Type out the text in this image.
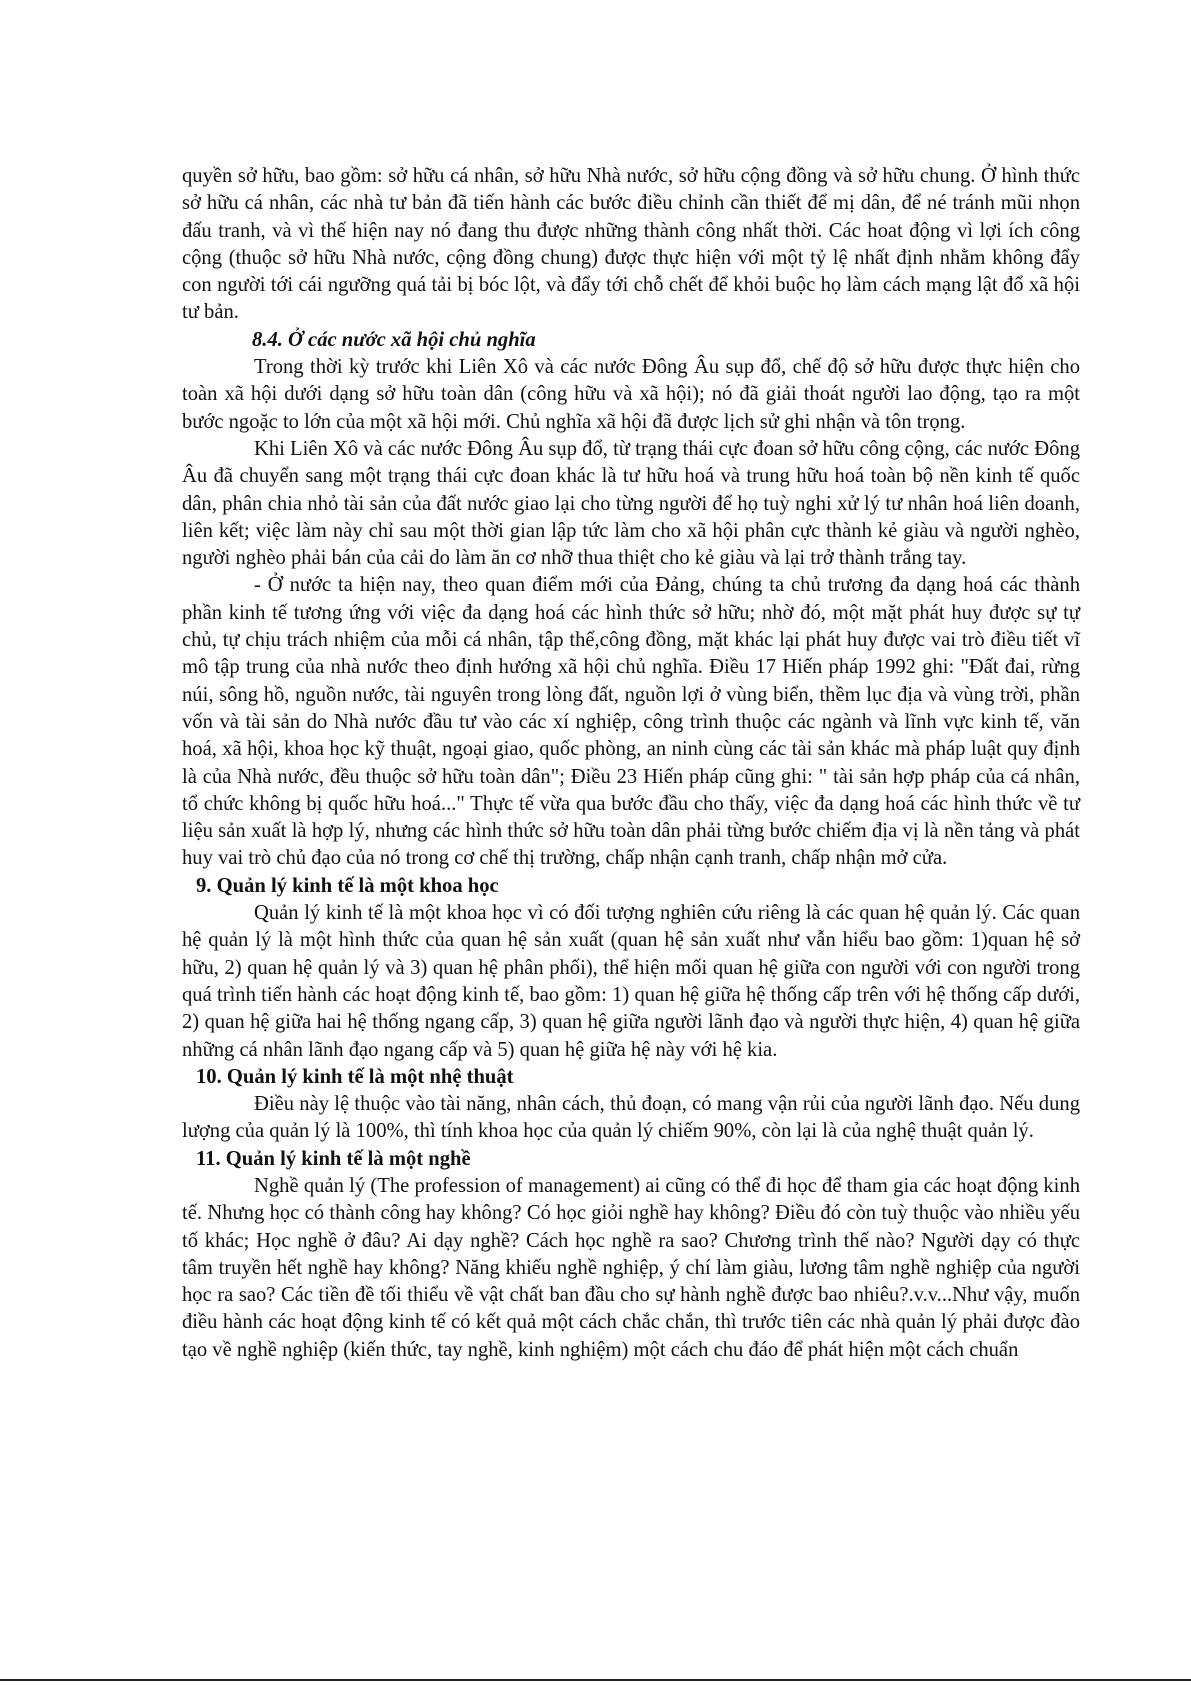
quyền sở hữu, bao gồm: sở hữu cá nhân, sở hữu Nhà nước, sở hữu cộng đồng và sở hữu chung. Ở hình thức sở hữu cá nhân, các nhà tư bản đã tiến hành các bước điều chỉnh cần thiết để mị dân, để né tránh mũi nhọn đấu tranh, và vì thế hiện nay nó đang thu được những thành công nhất thời. Các hoat động vì lợi ích công cộng (thuộc sở hữu Nhà nước, cộng đồng chung) được thực hiện với một tỷ lệ nhất định nhằm không đẩy con người tới cái ngưỡng quá tải bị bóc lột, và đẩy tới chỗ chết để khỏi buộc họ làm cách mạng lật đổ xã hội tư bản.

8.4. Ở các nước xã hội chủ nghĩa

Trong thời kỳ trước khi Liên Xô và các nước Đông Âu sụp đổ, chế độ sở hữu được thực hiện cho toàn xã hội dưới dạng sở hữu toàn dân (công hữu và xã hội); nó đã giải thoát người lao động, tạo ra một bước ngoặc to lớn của một xã hội mới. Chủ nghĩa xã hội đã được lịch sử ghi nhận và tôn trọng.

Khi Liên Xô và các nước Đông Âu sụp đổ, từ trạng thái cực đoan sở hữu công cộng, các nước Đông Âu đã chuyển sang một trạng thái cực đoan khác là tư hữu hoá và trung hữu hoá toàn bộ nền kinh tế quốc dân, phân chia nhỏ tài sản của đất nước giao lại cho từng người để họ tuỳ nghi xử lý tư nhân hoá liên doanh, liên kết; việc làm này chỉ sau một thời gian lập tức làm cho xã hội phân cực thành kẻ giàu và người nghèo, người nghèo phải bán của cải do làm ăn cơ nhỡ thua thiệt cho kẻ giàu và lại trở thành trắng tay.

- Ở nước ta hiện nay, theo quan điểm mới của Đảng, chúng ta chủ trương đa dạng hoá các thành phần kinh tế tương ứng với việc đa dạng hoá các hình thức sở hữu; nhờ đó, một mặt phát huy được sự tự chủ, tự chịu trách nhiệm của mỗi cá nhân, tập thể,công đồng, mặt khác lại phát huy được vai trò điều tiết vĩ mô tập trung của nhà nước theo định hướng xã hội chủ nghĩa. Điều 17 Hiến pháp 1992 ghi: "Đất đai, rừng núi, sông hồ, nguồn nước, tài nguyên trong lòng đất, nguồn lợi ở vùng biển, thềm lục địa và vùng trời, phần vốn và tài sản do Nhà nước đầu tư vào các xí nghiệp, công trình thuộc các ngành và lĩnh vực kinh tế, văn hoá, xã hội, khoa học kỹ thuật, ngoại giao, quốc phòng, an ninh cùng các tài sản khác mà pháp luật quy định là của Nhà nước, đều thuộc sở hữu toàn dân"; Điều 23 Hiến pháp cũng ghi: " tài sản hợp pháp của cá nhân, tổ chức không bị quốc hữu hoá..." Thực tế vừa qua bước đầu cho thấy, việc đa dạng hoá các hình thức về tư liệu sản xuất là hợp lý, nhưng các hình thức sở hữu toàn dân phải từng bước chiếm địa vị là nền tảng và phát huy vai trò chủ đạo của nó trong cơ chế thị trường, chấp nhận cạnh tranh, chấp nhận mở cửa.

9. Quản lý kinh tế là một khoa học

Quản lý kinh tế là một khoa học vì có đối tượng nghiên cứu riêng là các quan hệ quản lý. Các quan hệ quản lý là một hình thức của quan hệ sản xuất (quan hệ sản xuất như vẫn hiểu bao gồm: 1)quan hệ sở hữu, 2) quan hệ quản lý và 3) quan hệ phân phối), thể hiện mối quan hệ giữa con người với con người trong quá trình tiến hành các hoạt động kinh tế, bao gồm: 1) quan hệ giữa hệ thống cấp trên với hệ thống cấp dưới, 2) quan hệ giữa hai hệ thống ngang cấp, 3) quan hệ giữa người lãnh đạo và người thực hiện, 4) quan hệ giữa những cá nhân lãnh đạo ngang cấp và 5) quan hệ giữa hệ này với hệ kia.

10. Quản lý kinh tế là một nhệ thuật

Điều này lệ thuộc vào tài năng, nhân cách, thủ đoạn, có mang vận rủi của người lãnh đạo. Nếu dung lượng của quản lý là 100%, thì tính khoa học của quản lý chiếm 90%, còn lại là của nghệ thuật quản lý.

11. Quản lý kinh tế là một nghề

Nghề quản lý (The profession of management) ai cũng có thể đi học để tham gia các hoạt động kinh tế. Nhưng học có thành công hay không? Có học giỏi nghề hay không? Điều đó còn tuỳ thuộc vào nhiều yếu tố khác; Học nghề ở đâu? Ai dạy nghề? Cách học nghề ra sao? Chương trình thế nào? Người dạy có thực tâm truyền hết nghề hay không? Năng khiếu nghề nghiệp, ý chí làm giàu, lương tâm nghề nghiệp của người học ra sao? Các tiền đề tối thiểu về vật chất ban đầu cho sự hành nghề được bao nhiêu?.v.v...Như vậy, muốn điều hành các hoạt động kinh tế có kết quả một cách chắc chắn, thì trước tiên các nhà quản lý phải được đào tạo về nghề nghiệp (kiến thức, tay nghề, kinh nghiệm) một cách chu đáo để phát hiện một cách chuẩn
